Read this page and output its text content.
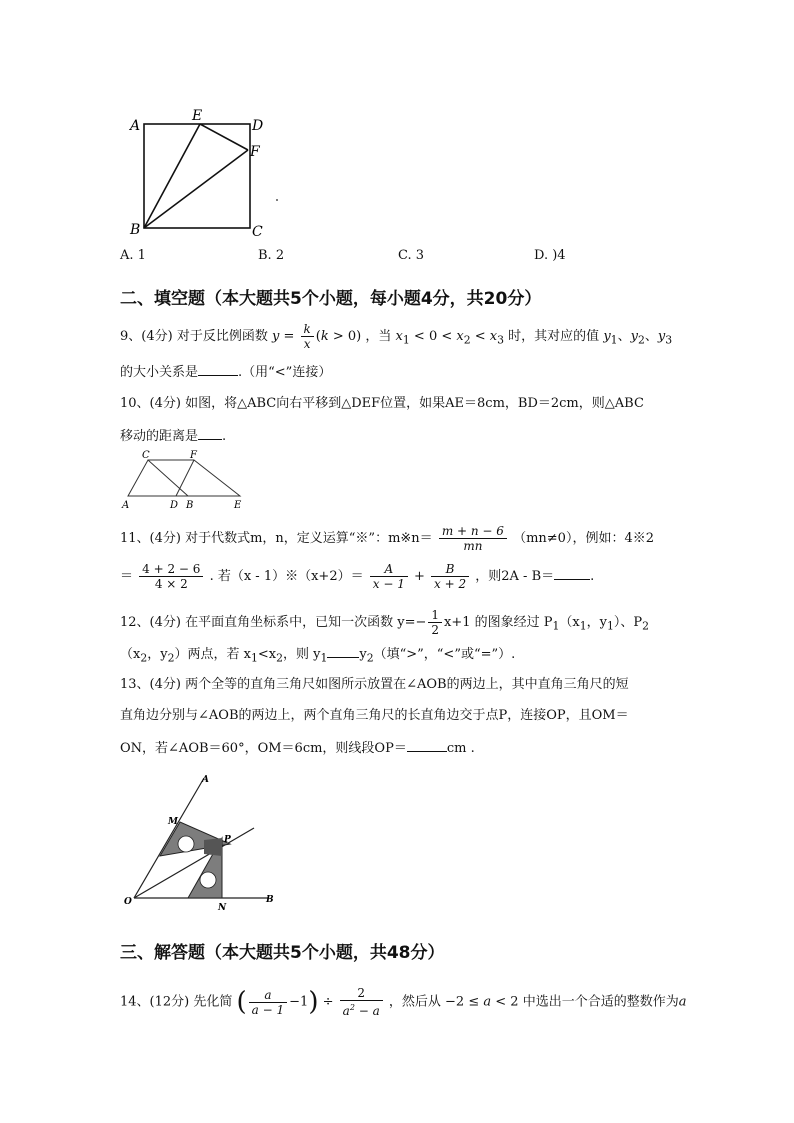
A
E
D
F
B	C
A. 1	B. 2	C. 3	D. )4
二、填空题（本大题共5个小题，每小题4分，共20分）
9、(4分) 对于反比例函数 $y = \frac{k}{x} (k > 0)$ ，当 $x_1 < 0 < x_2 < x_3$ 时，其对应的值 $y_1$、$y_2$、$y_3$
的大小关系是	.（用“<”连接）
10、(4分) 如图，将△ABC向右平移到△DEF位置，如果AE＝8cm，BD＝2cm，则△ABC
移动的距离是 .
C	F
A	D B	E
11、(4分) 对于代数式m，n，定义运算“※”：m※n＝ $\frac{m + n - 6}{mn} (mn\ne 0)$，例如：4※2
＝ $\frac{4 + 2 - 6}{4 \times 2}$ . 若（x - 1）※（x+2）＝ $\frac{A}{x - 1} + \frac{B}{x + 2}$ ，则2A - B＝	.
12、(4分) 在平面直角坐标系中，已知一次函数 $y=- \frac{1}{2} x+1$ 的图象经过 $P_1(x_1$，$y_1$）、$P_2$
（$x_2$，$y_2$）两点，若 $x_1<x_2$，则 $y_1$ $y_2$（填“>”，“<”或“=”）.
13、(4分) 两个全等的直角三角尺如图所示放置在∠AOB的两边上，其中直角三角尺的短
直角边分别与∠AOB的两边上，两个直角三角尺的长直角边交于点P，连接OP，且OM＝
ON，若∠AOB＝60°，OM＝6cm，则线段OP＝	cm .
A
M
P
O
N
B
三、解答题（本大题共5个小题，共48分）
14、(12分) 先化简 ( $\frac{a}{a - 1} -1) \div \frac{2}{a^2 - a}$ ，然后从 −2 ≤ a < 2 中选出一个合适的整数作为a
